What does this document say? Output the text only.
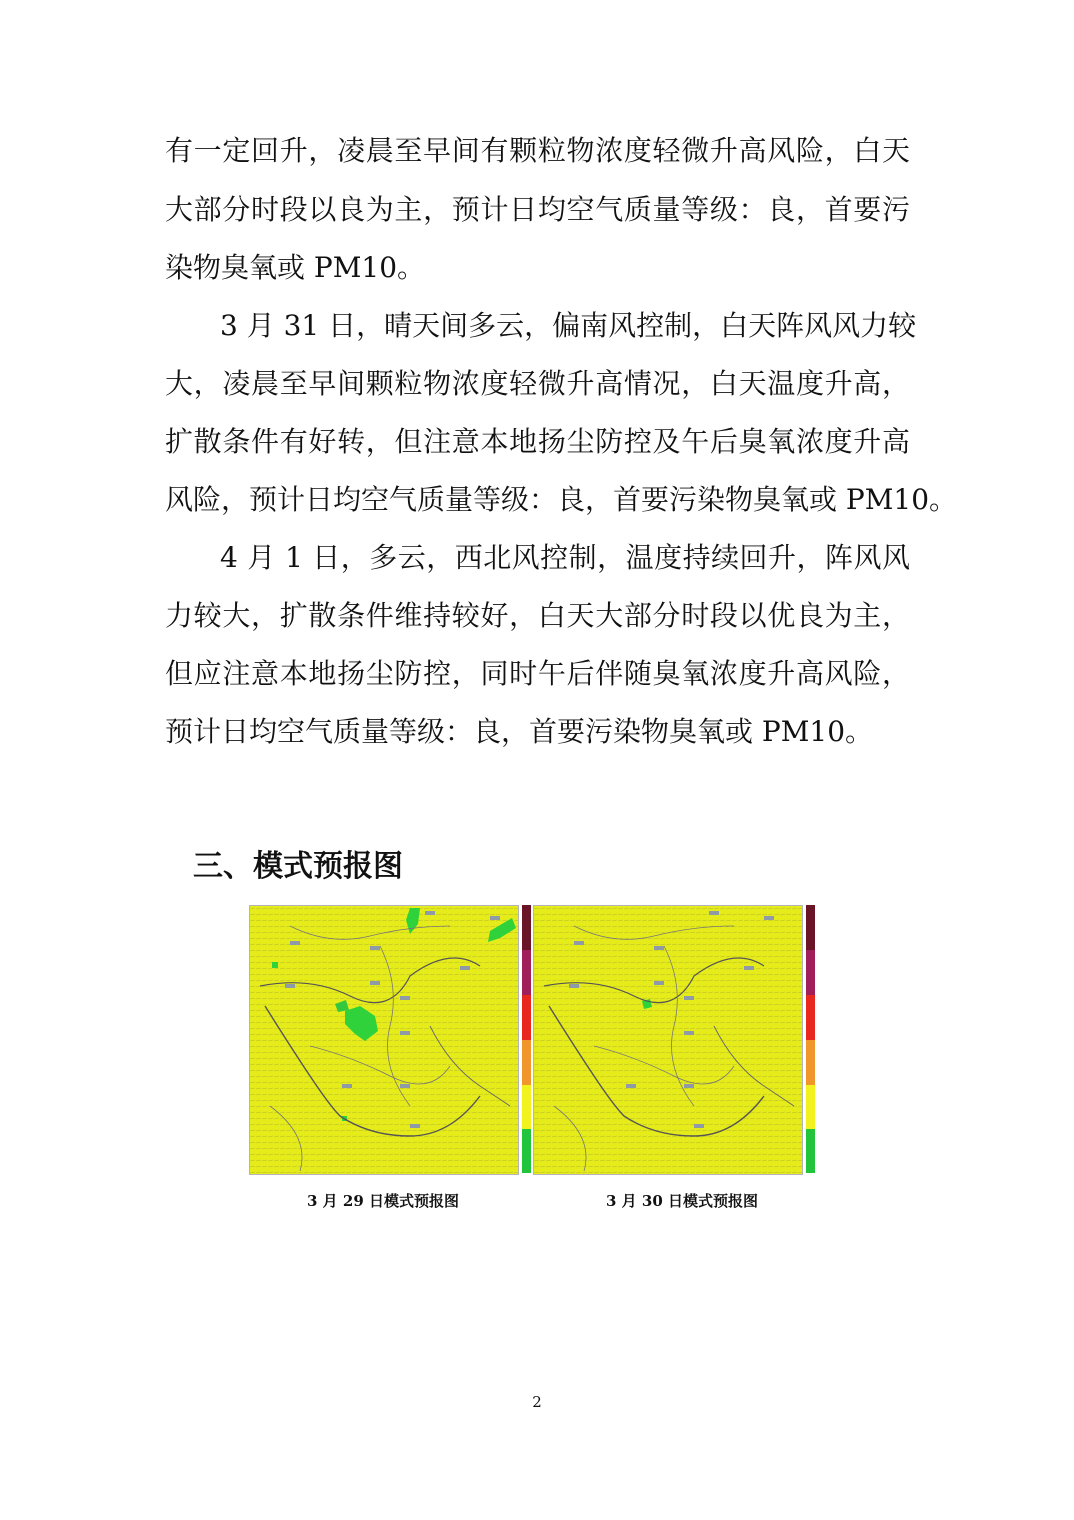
有一定回升，凌晨至早间有颗粒物浓度轻微升高风险，白天
大部分时段以良为主，预计日均空气质量等级：良，首要污
染物臭氧或 PM10。
3 月 31 日，晴天间多云，偏南风控制，白天阵风风力较
大，凌晨至早间颗粒物浓度轻微升高情况，白天温度升高，
扩散条件有好转，但注意本地扬尘防控及午后臭氧浓度升高
风险，预计日均空气质量等级：良，首要污染物臭氧或 PM10。
4 月 1 日，多云，西北风控制，温度持续回升，阵风风
力较大，扩散条件维持较好，白天大部分时段以优良为主，
但应注意本地扬尘防控，同时午后伴随臭氧浓度升高风险，
预计日均空气质量等级：良，首要污染物臭氧或 PM10。
三、模式预报图
3 月 29 日模式预报图	3 月 30 日模式预报图
2
